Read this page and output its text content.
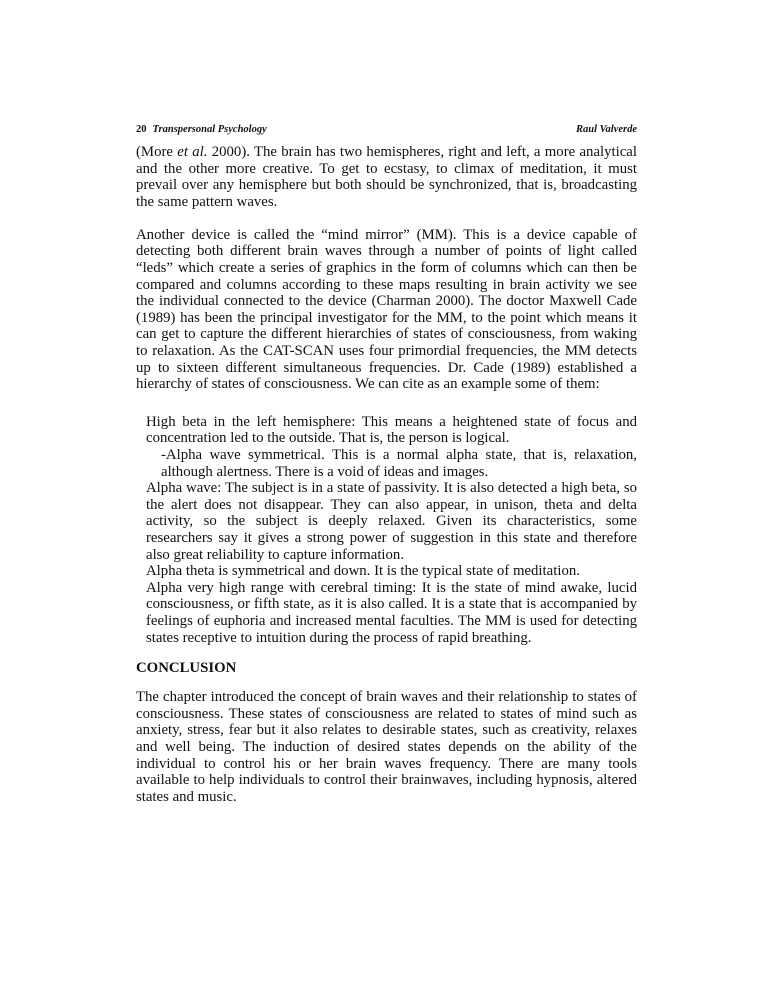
20 Transpersonal Psychology	Raul Valverde

(More et al. 2000). The brain has two hemispheres, right and left, a more analytical and the other more creative. To get to ecstasy, to climax of meditation, it must prevail over any hemisphere but both should be synchronized, that is, broadcasting the same pattern waves.

Another device is called the “mind mirror” (MM). This is a device capable of detecting both different brain waves through a number of points of light called “leds” which create a series of graphics in the form of columns which can then be compared and columns according to these maps resulting in brain activity we see the individual connected to the device (Charman 2000). The doctor Maxwell Cade (1989) has been the principal investigator for the MM, to the point which means it can get to capture the different hierarchies of states of consciousness, from waking to relaxation. As the CAT-SCAN uses four primordial frequencies, the MM detects up to sixteen different simultaneous frequencies. Dr. Cade (1989) established a hierarchy of states of consciousness. We can cite as an example some of them:

High beta in the left hemisphere: This means a heightened state of focus and concentration led to the outside. That is, the person is logical.

-Alpha wave symmetrical. This is a normal alpha state, that is, relaxation, although alertness. There is a void of ideas and images.

Alpha wave: The subject is in a state of passivity. It is also detected a high beta, so the alert does not disappear. They can also appear, in unison, theta and delta activity, so the subject is deeply relaxed. Given its characteristics, some researchers say it gives a strong power of suggestion in this state and therefore also great reliability to capture information.

Alpha theta is symmetrical and down. It is the typical state of meditation.

Alpha very high range with cerebral timing: It is the state of mind awake, lucid consciousness, or fifth state, as it is also called. It is a state that is accompanied by feelings of euphoria and increased mental faculties. The MM is used for detecting states receptive to intuition during the process of rapid breathing.

CONCLUSION

The chapter introduced the concept of brain waves and their relationship to states of consciousness. These states of consciousness are related to states of mind such as anxiety, stress, fear but it also relates to desirable states, such as creativity, relaxes and well being. The induction of desired states depends on the ability of the individual to control his or her brain waves frequency. There are many tools available to help individuals to control their brainwaves, including hypnosis, altered states and music.
